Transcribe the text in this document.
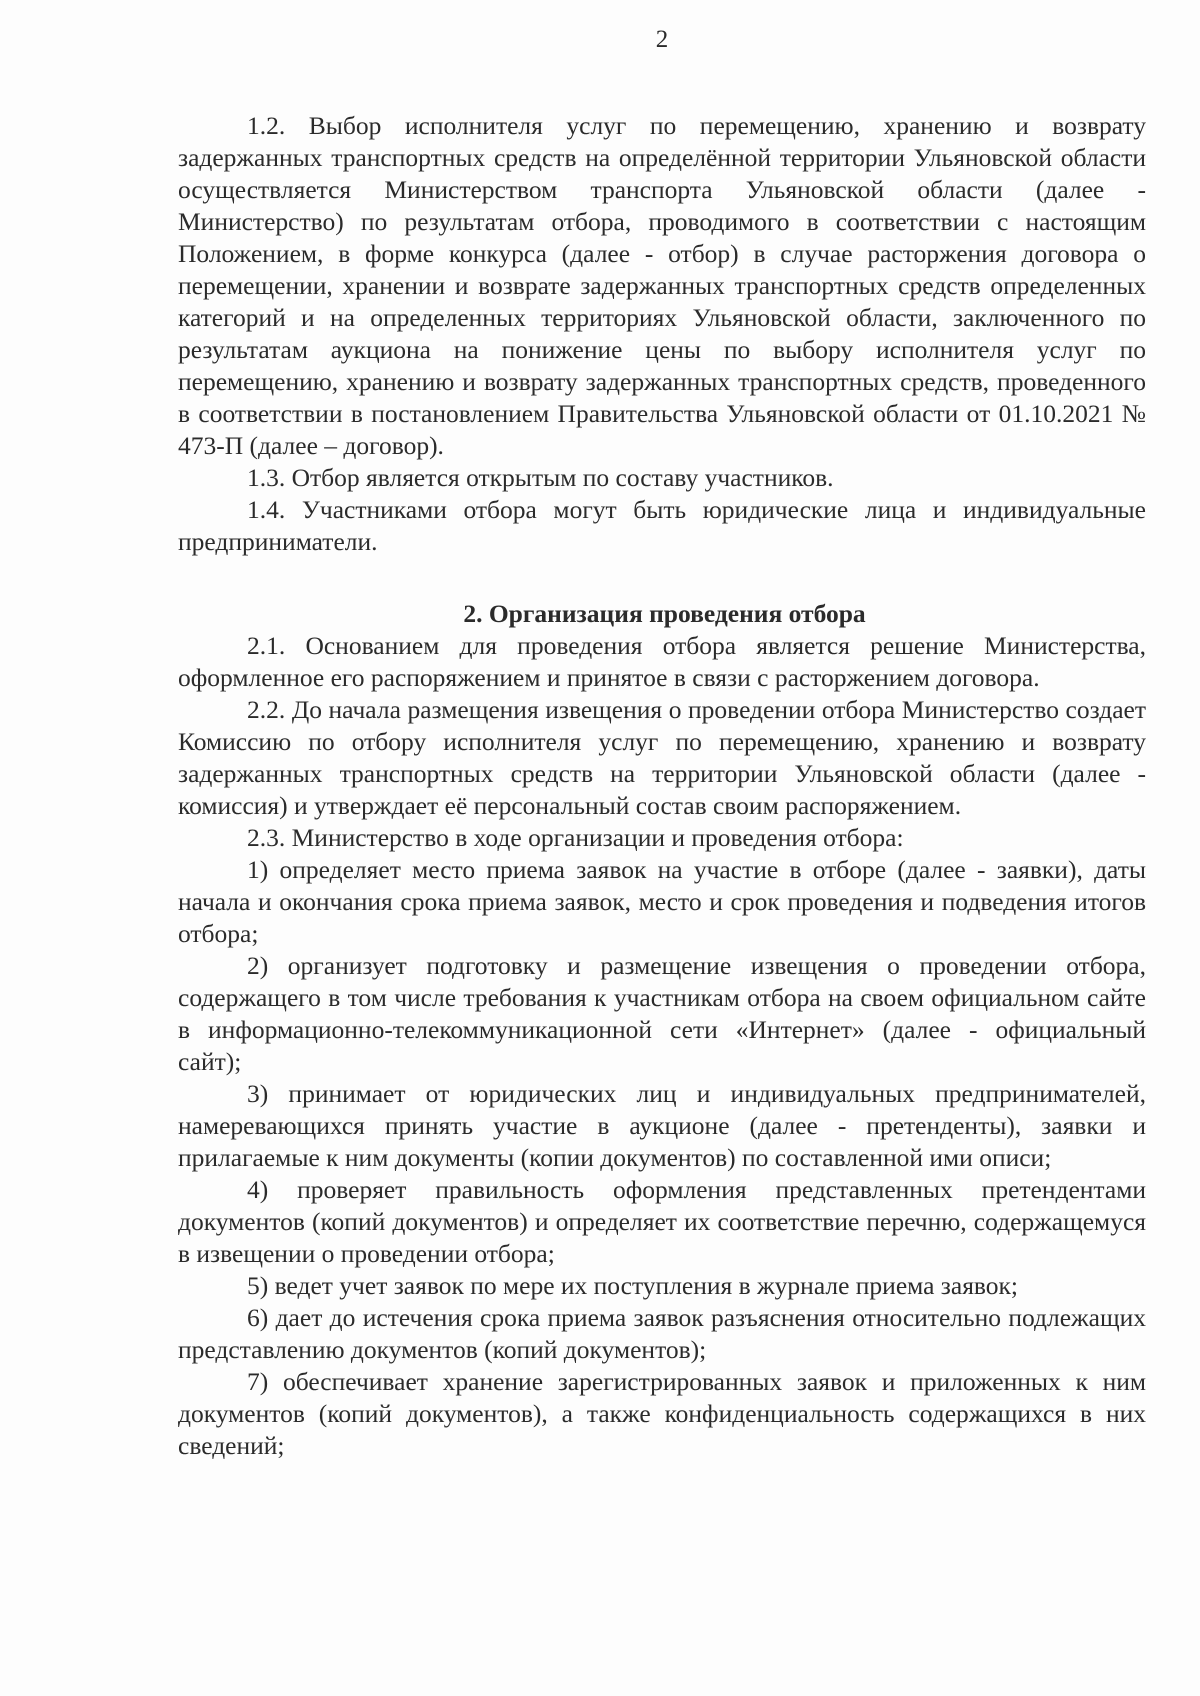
2

1.2. Выбор исполнителя услуг по перемещению, хранению и возврату задержанных транспортных средств на определённой территории Ульяновской области осуществляется Министерством транспорта Ульяновской области (далее - Министерство) по результатам отбора, проводимого в соответствии с настоящим Положением, в форме конкурса (далее - отбор) в случае расторжения договора о перемещении, хранении и возврате задержанных транспортных средств определенных категорий и на определенных территориях Ульяновской области, заключенного по результатам аукциона на понижение цены по выбору исполнителя услуг по перемещению, хранению и возврату задержанных транспортных средств, проведенного в соответствии в постановлением Правительства Ульяновской области от 01.10.2021 № 473-П (далее – договор).

1.3. Отбор является открытым по составу участников.

1.4. Участниками отбора могут быть юридические лица и индивидуальные предприниматели.

2. Организация проведения отбора

2.1. Основанием для проведения отбора является решение Министерства, оформленное его распоряжением и принятое в связи с расторжением договора.

2.2. До начала размещения извещения о проведении отбора Министерство создает Комиссию по отбору исполнителя услуг по перемещению, хранению и возврату задержанных транспортных средств на территории Ульяновской области (далее - комиссия) и утверждает её персональный состав своим распоряжением.

2.3. Министерство в ходе организации и проведения отбора:

1) определяет место приема заявок на участие в отборе (далее - заявки), даты начала и окончания срока приема заявок, место и срок проведения и подведения итогов отбора;

2) организует подготовку и размещение извещения о проведении отбора, содержащего в том числе требования к участникам отбора на своем официальном сайте в информационно-телекоммуникационной сети «Интернет» (далее - официальный сайт);

3) принимает от юридических лиц и индивидуальных предпринимателей, намеревающихся принять участие в аукционе (далее - претенденты), заявки и прилагаемые к ним документы (копии документов) по составленной ими описи;

4) проверяет правильность оформления представленных претендентами документов (копий документов) и определяет их соответствие перечню, содержащемуся в извещении о проведении отбора;

5) ведет учет заявок по мере их поступления в журнале приема заявок;

6) дает до истечения срока приема заявок разъяснения относительно подлежащих представлению документов (копий документов);

7) обеспечивает хранение зарегистрированных заявок и приложенных к ним документов (копий документов), а также конфиденциальность содержащихся в них сведений;
